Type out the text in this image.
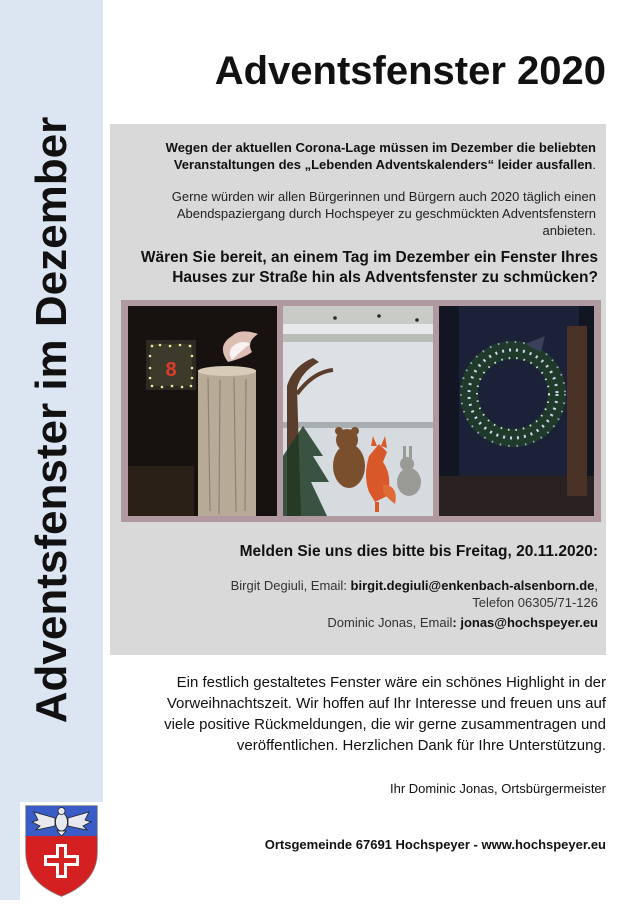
Adventsfenster im Dezember
Adventsfenster 2020
Wegen der aktuellen Corona-Lage müssen im Dezember die beliebten
Veranstaltungen des „Lebenden Adventskalenders“ leider ausfallen.
Gerne würden wir allen Bürgerinnen und Bürgern auch 2020 täglich einen
Abendspaziergang durch Hochspeyer zu geschmückten Adventsfenstern
anbieten.
Wären Sie bereit, an einem Tag im Dezember ein Fenster Ihres
Hauses zur Straße hin als Adventsfenster zu schmücken?
8
Melden Sie uns dies bitte bis Freitag, 20.11.2020:
Birgit Degiuli, Email: birgit.degiuli@enkenbach-alsenborn.de,
Telefon 06305/71-126
Dominic Jonas, Email: jonas@hochspeyer.eu
Ein festlich gestaltetes Fenster wäre ein schönes Highlight in der
Vorweihnachtszeit. Wir hoffen auf Ihr Interesse und freuen uns auf
viele positive Rückmeldungen, die wir gerne zusammentragen und
veröffentlichen. Herzlichen Dank für Ihre Unterstützung.
Ihr Dominic Jonas, Ortsbürgermeister
Ortsgemeinde 67691 Hochspeyer - www.hochspeyer.eu
